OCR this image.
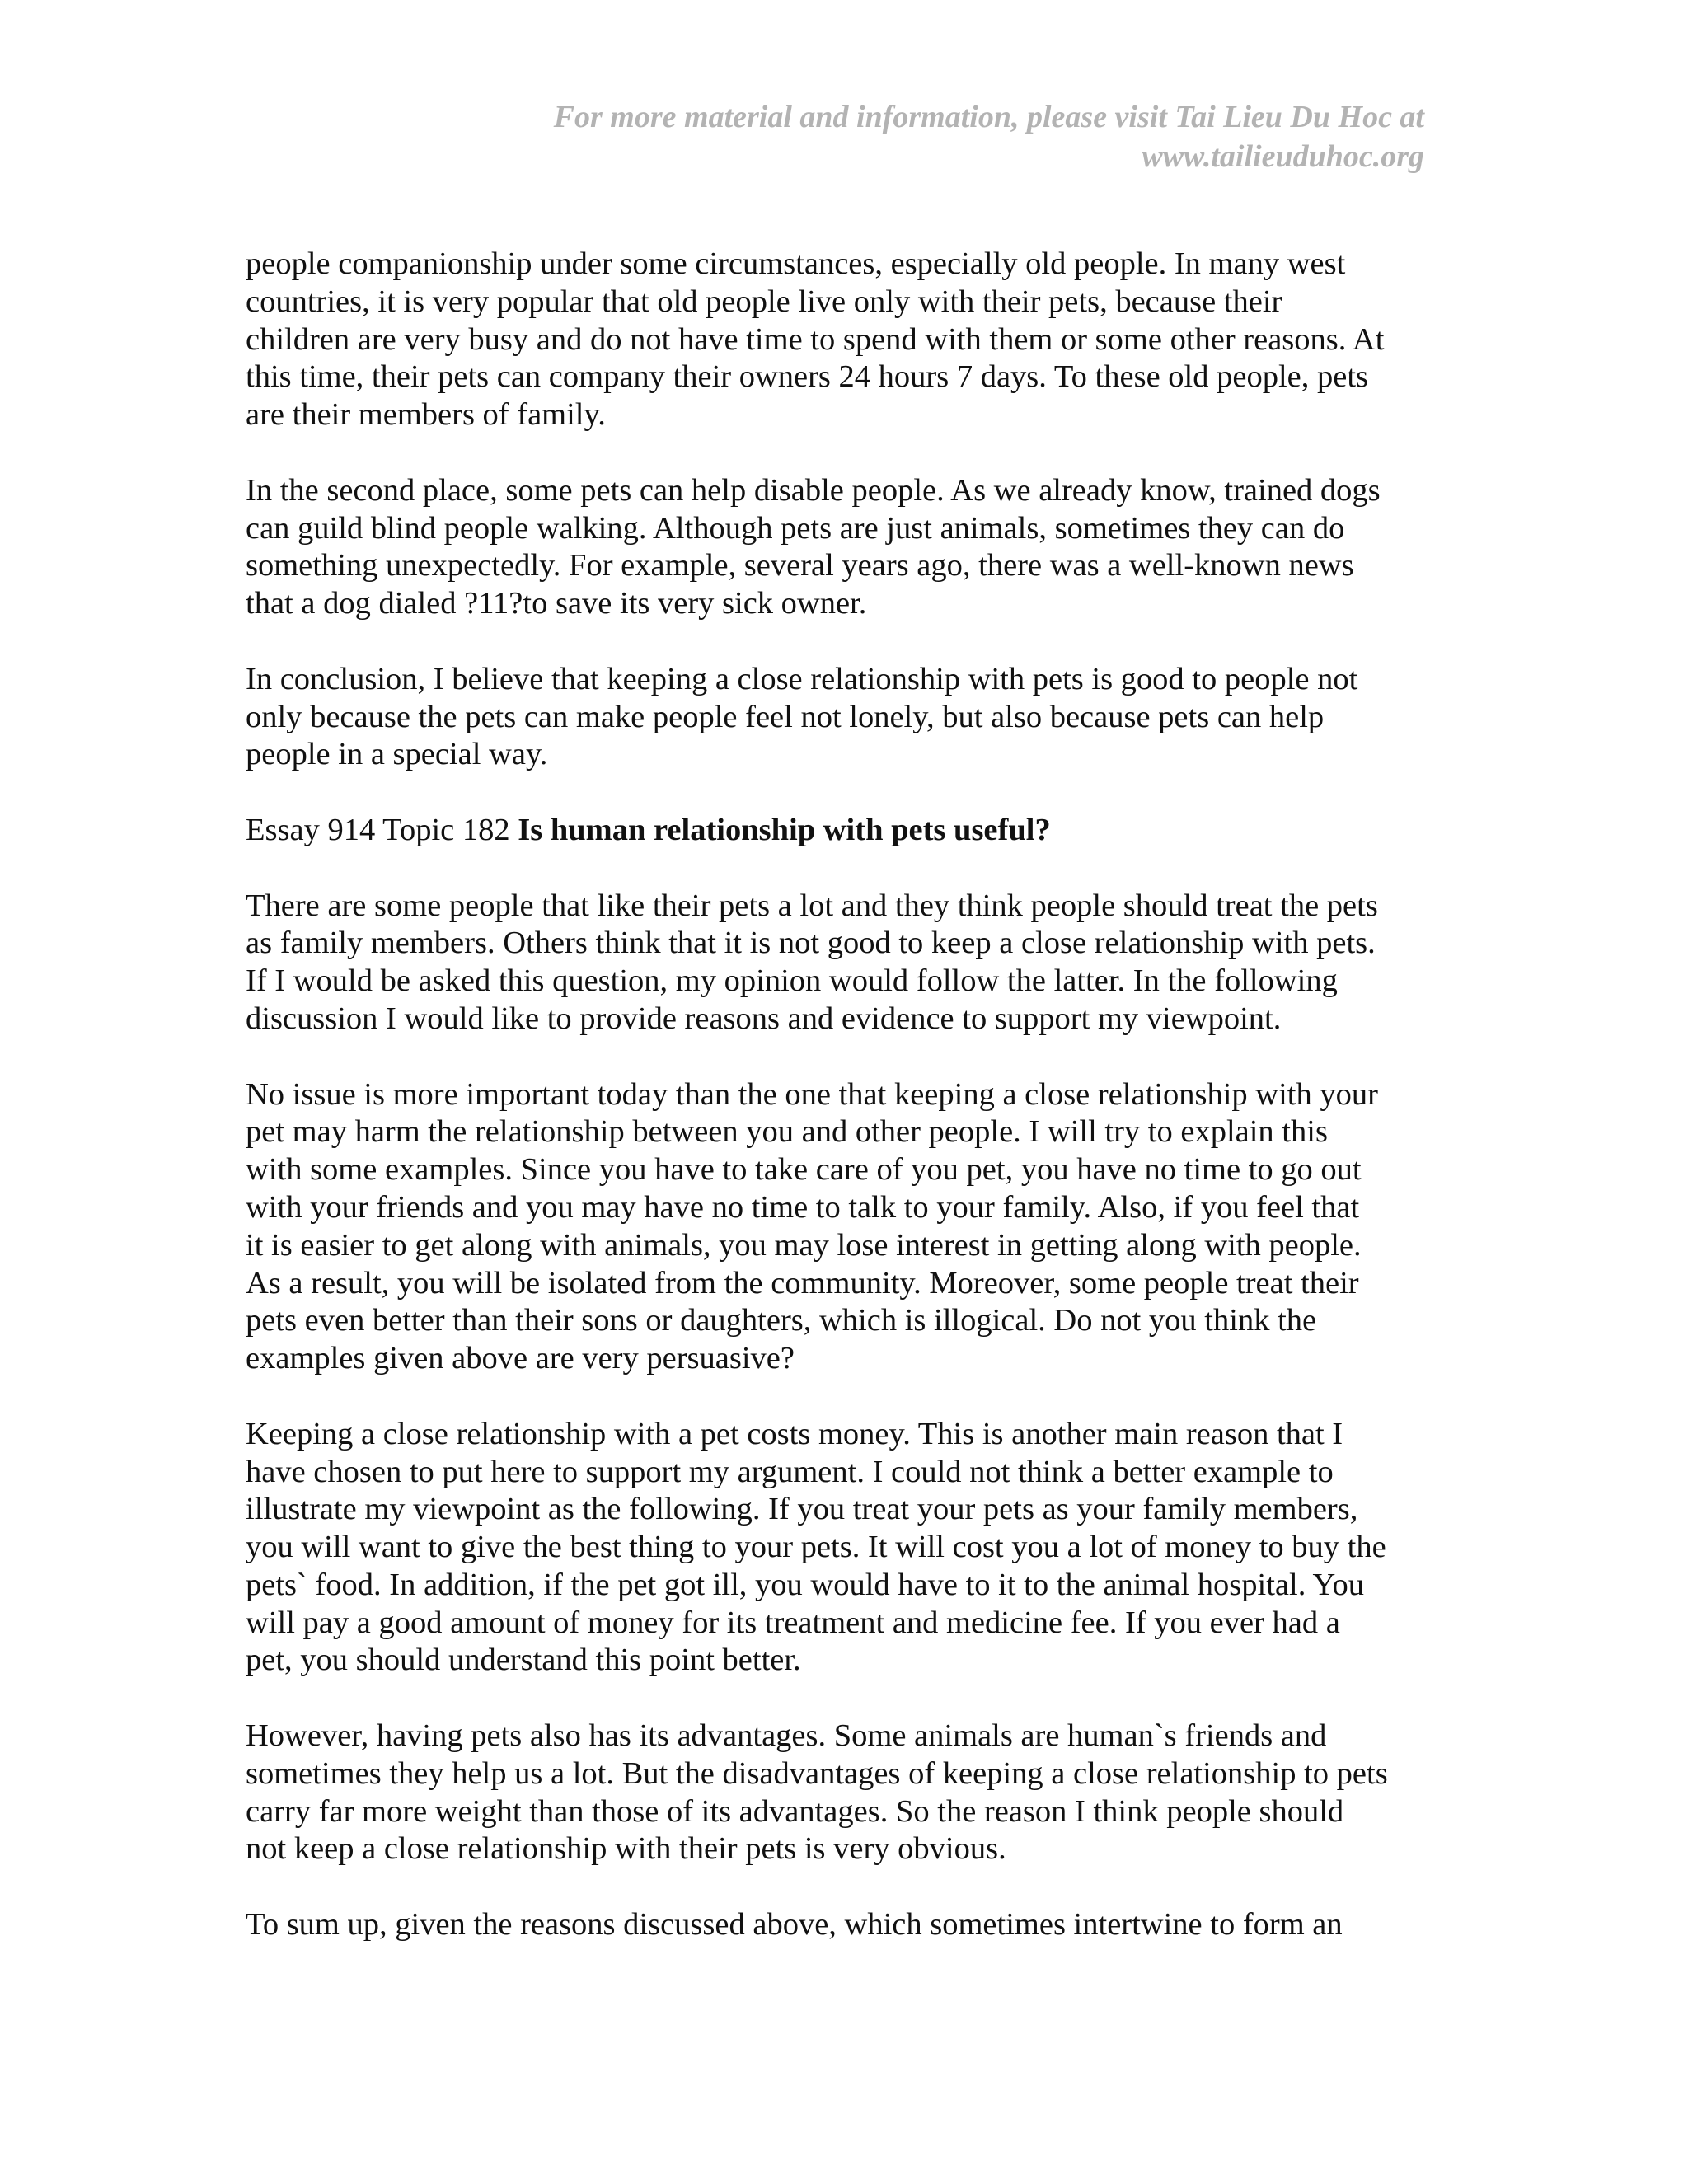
For more material and information, please visit Tai Lieu Du Hoc at
www.tailieuduhoc.org
people companionship under some circumstances, especially old people. In many west
countries, it is very popular that old people live only with their pets, because their
children are very busy and do not have time to spend with them or some other reasons. At
this time, their pets can company their owners 24 hours 7 days. To these old people, pets
are their members of family.
In the second place, some pets can help disable people. As we already know, trained dogs
can guild blind people walking. Although pets are just animals, sometimes they can do
something unexpectedly. For example, several years ago, there was a well-known news
that a dog dialed ?11?to save its very sick owner.
In conclusion, I believe that keeping a close relationship with pets is good to people not
only because the pets can make people feel not lonely, but also because pets can help
people in a special way.
Essay 914 Topic 182 Is human relationship with pets useful?
There are some people that like their pets a lot and they think people should treat the pets
as family members. Others think that it is not good to keep a close relationship with pets.
If I would be asked this question, my opinion would follow the latter. In the following
discussion I would like to provide reasons and evidence to support my viewpoint.
No issue is more important today than the one that keeping a close relationship with your
pet may harm the relationship between you and other people. I will try to explain this
with some examples. Since you have to take care of you pet, you have no time to go out
with your friends and you may have no time to talk to your family. Also, if you feel that
it is easier to get along with animals, you may lose interest in getting along with people.
As a result, you will be isolated from the community. Moreover, some people treat their
pets even better than their sons or daughters, which is illogical. Do not you think the
examples given above are very persuasive?
Keeping a close relationship with a pet costs money. This is another main reason that I
have chosen to put here to support my argument. I could not think a better example to
illustrate my viewpoint as the following. If you treat your pets as your family members,
you will want to give the best thing to your pets. It will cost you a lot of money to buy the
pets` food. In addition, if the pet got ill, you would have to it to the animal hospital. You
will pay a good amount of money for its treatment and medicine fee. If you ever had a
pet, you should understand this point better.
However, having pets also has its advantages. Some animals are human`s friends and
sometimes they help us a lot. But the disadvantages of keeping a close relationship to pets
carry far more weight than those of its advantages. So the reason I think people should
not keep a close relationship with their pets is very obvious.
To sum up, given the reasons discussed above, which sometimes intertwine to form an
